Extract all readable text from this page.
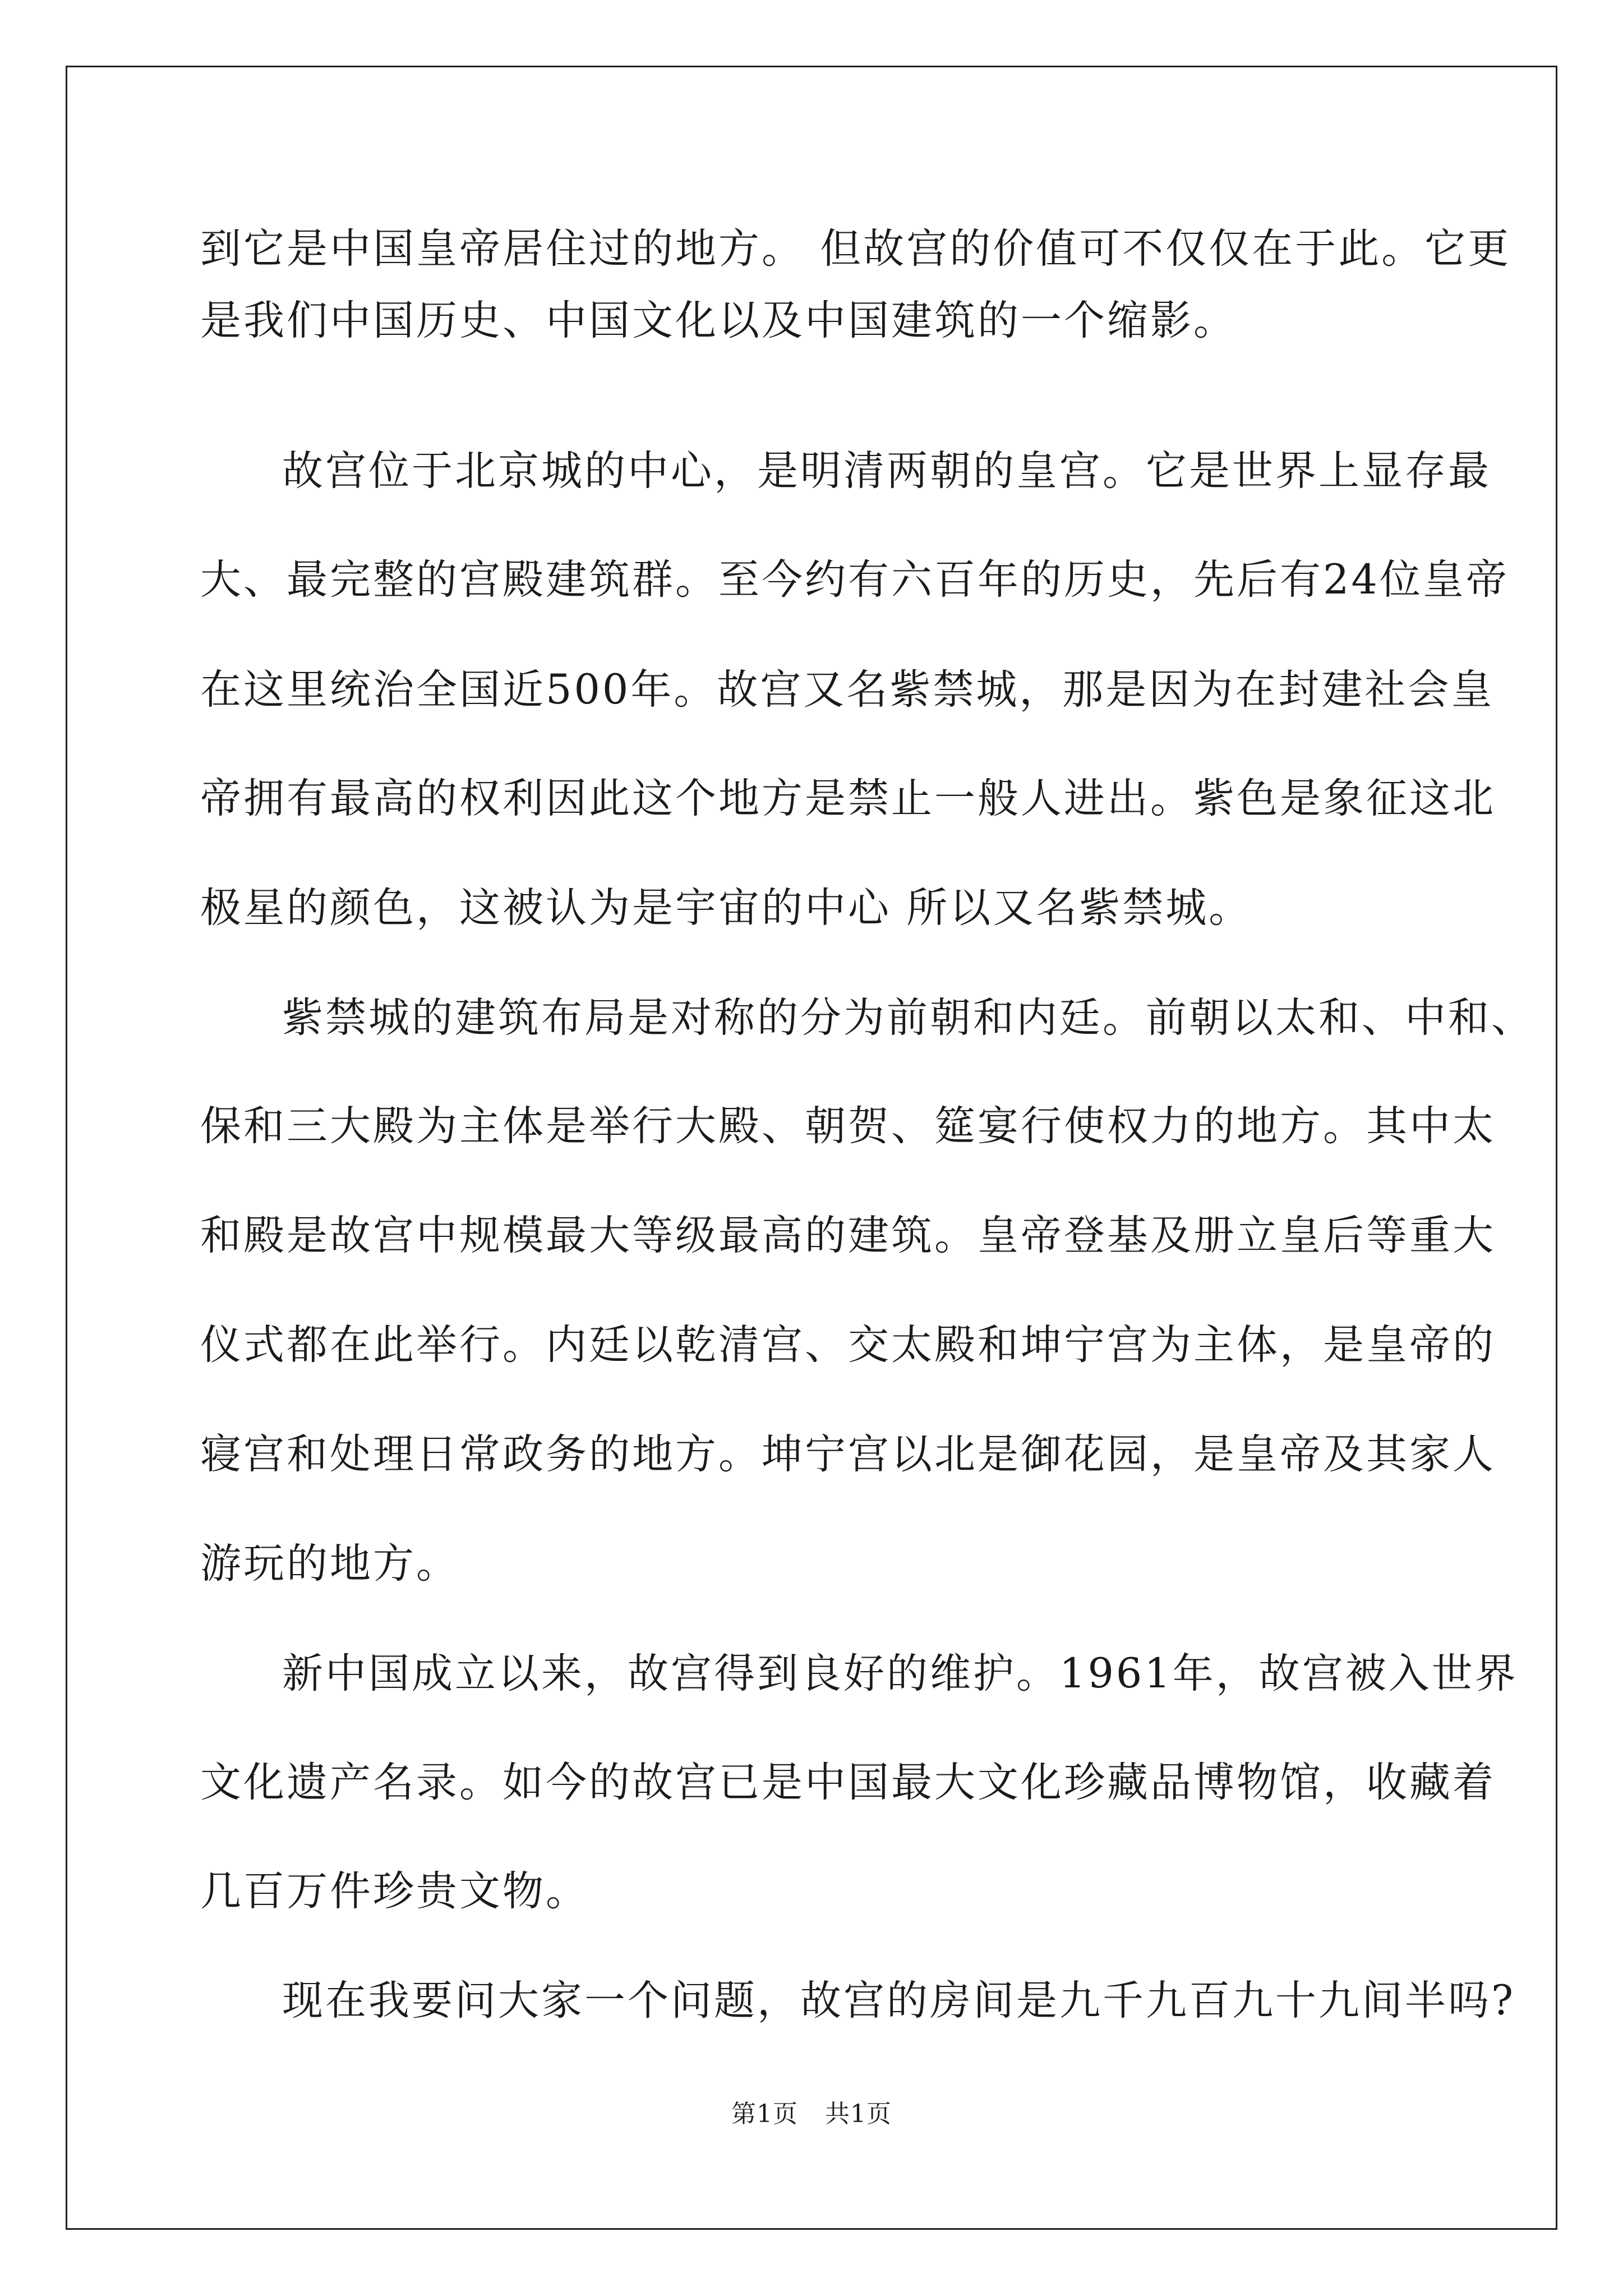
到它是中国皇帝居住过的地方。 但故宫的价值可不仅仅在于此。它更
是我们中国历史、中国文化以及中国建筑的一个缩影。
故宫位于北京城的中心，是明清两朝的皇宫。它是世界上显存最
大、最完整的宫殿建筑群。至今约有六百年的历史，先后有24位皇帝
在这里统治全国近500年。故宫又名紫禁城，那是因为在封建社会皇
帝拥有最高的权利因此这个地方是禁止一般人进出。紫色是象征这北
极星的颜色，这被认为是宇宙的中心 所以又名紫禁城。
紫禁城的建筑布局是对称的分为前朝和内廷。前朝以太和、中和、
保和三大殿为主体是举行大殿、朝贺、筵宴行使权力的地方。其中太
和殿是故宫中规模最大等级最高的建筑。皇帝登基及册立皇后等重大
仪式都在此举行。内廷以乾清宫、交太殿和坤宁宫为主体，是皇帝的
寝宫和处理日常政务的地方。坤宁宫以北是御花园，是皇帝及其家人
游玩的地方。
新中国成立以来，故宫得到良好的维护。1961年，故宫被入世界
文化遗产名录。如今的故宫已是中国最大文化珍藏品博物馆，收藏着
几百万件珍贵文物。
现在我要问大家一个问题，故宫的房间是九千九百九十九间半吗?
第1页 共1页
